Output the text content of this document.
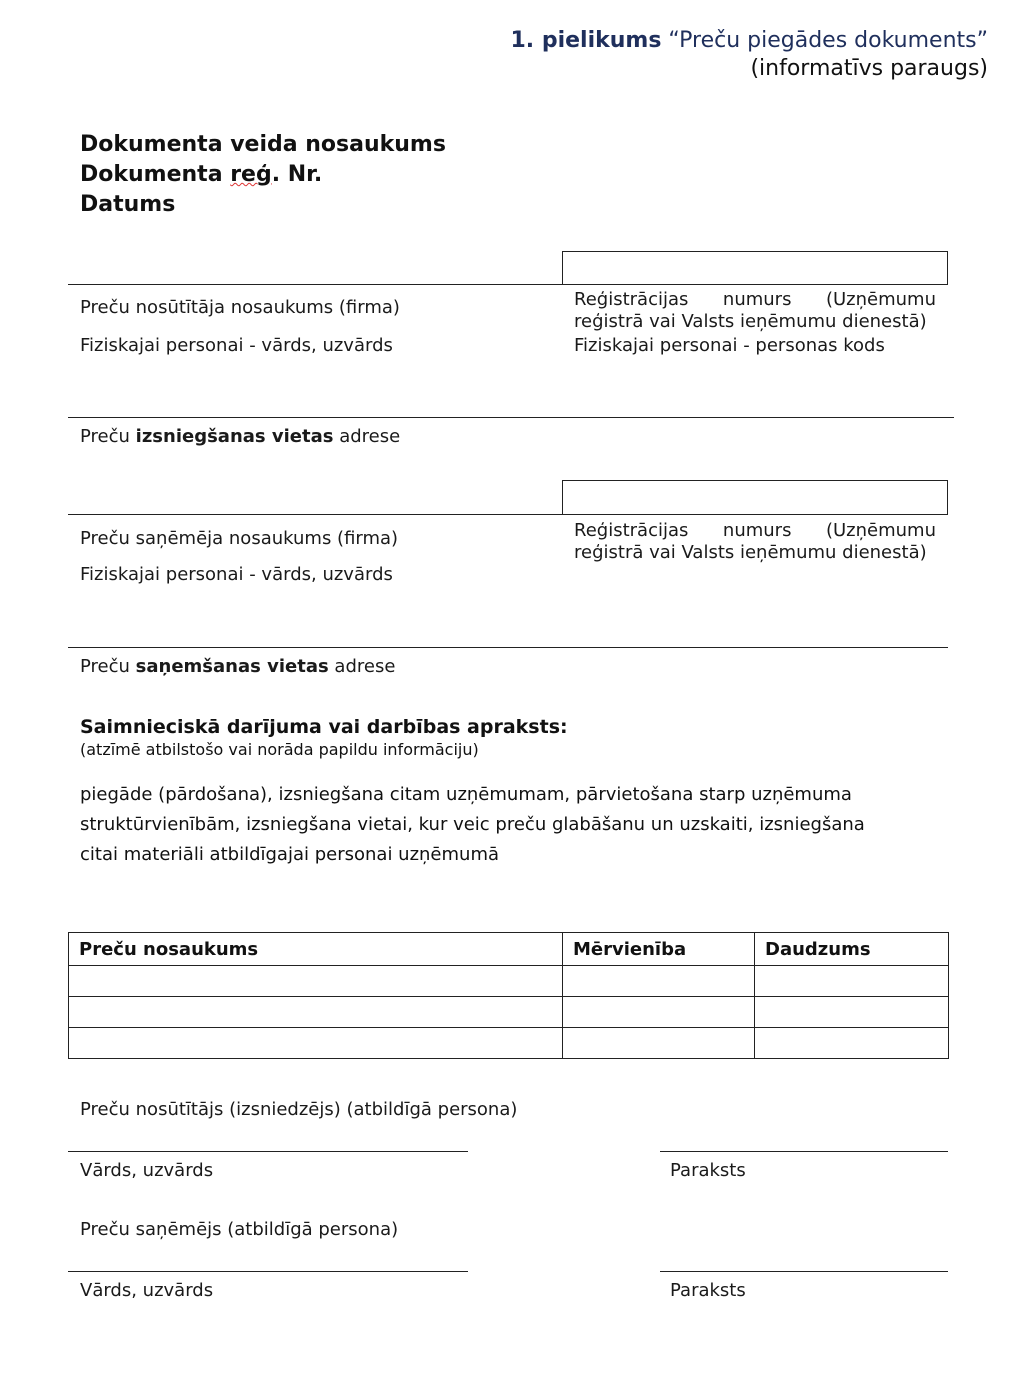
1. pielikums “Preču piegādes dokuments”
(informatīvs paraugs)
Dokumenta veida nosaukums
Dokumenta reģ. Nr.
Datums
Preču nosūtītāja nosaukums (firma)
Fiziskajai personai - vārds, uzvārds
Reģistrācijas numurs (Uzņēmumu
reģistrā vai Valsts ieņēmumu dienestā)
Fiziskajai personai - personas kods
Preču izsniegšanas vietas adrese
Preču saņēmēja nosaukums (firma)
Fiziskajai personai - vārds, uzvārds
Reģistrācijas numurs (Uzņēmumu
reģistrā vai Valsts ieņēmumu dienestā)
Preču saņemšanas vietas adrese
Saimnieciskā darījuma vai darbības apraksts:
(atzīmē atbilstošo vai norāda papildu informāciju)
piegāde (pārdošana), izsniegšana citam uzņēmumam, pārvietošana starp uzņēmuma
struktūrvienībām, izsniegšana vietai, kur veic preču glabāšanu un uzskaiti, izsniegšana
citai materiāli atbildīgajai personai uzņēmumā
Preču nosaukums	Mērvienība	Daudzums

Preču nosūtītājs (izsniedzējs) (atbildīgā persona)
Vārds, uzvārds	Paraksts
Preču saņēmējs (atbildīgā persona)
Vārds, uzvārds	Paraksts
